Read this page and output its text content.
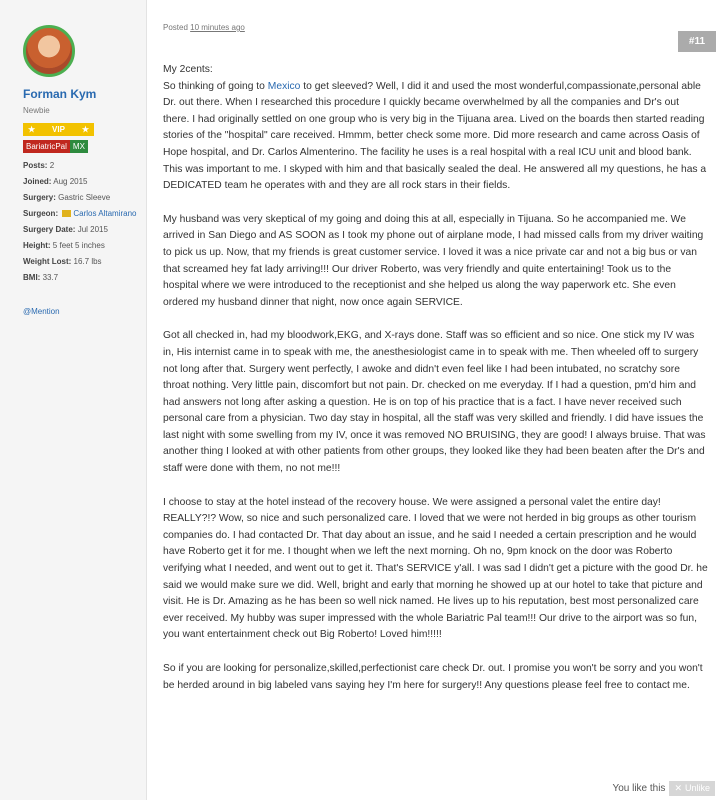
Forman Kym
Newbie
★	VIP	★
BariatricPal MX
Posts: 2
Joined: Aug 2015
Surgery: Gastric Sleeve
Surgeon: Carlos Altamirano
Surgery Date: Jul 2015
Height: 5 feet 5 inches
Weight Lost: 16.7 lbs
BMI: 33.7
@Mention
Posted 10 minutes ago
#11
My 2cents:

So thinking of going to Mexico to get sleeved? Well, I did it and used the most wonderful,compassionate,personal able Dr. out there. When I researched this procedure I quickly became overwhelmed by all the companies and Dr's out there. I had originally settled on one group who is very big in the Tijuana area. Lived on the boards then started reading stories of the "hospital" care received. Hmmm, better check some more. Did more research and came across Oasis of Hope hospital, and Dr. Carlos Almenterino. The facility he uses is a real hospital with a real ICU unit and blood bank. This was important to me. I skyped with him and that basically sealed the deal. He answered all my questions, he has a DEDICATED team he operates with and they are all rock stars in their fields.

My husband was very skeptical of my going and doing this at all, especially in Tijuana. So he accompanied me. We arrived in San Diego and AS SOON as I took my phone out of airplane mode, I had missed calls from my driver waiting to pick us up. Now, that my friends is great customer service. I loved it was a nice private car and not a big bus or van that screamed hey fat lady arriving!!! Our driver Roberto, was very friendly and quite entertaining! Took us to the hospital where we were introduced to the receptionist and she helped us along the way paperwork etc. She even ordered my husband dinner that night, now once again SERVICE.

Got all checked in, had my bloodwork,EKG, and X-rays done. Staff was so efficient and so nice. One stick my IV was in, His internist came in to speak with me, the anesthesiologist came in to speak with me. Then wheeled off to surgery not long after that. Surgery went perfectly, I awoke and didn't even feel like I had been intubated, no scratchy sore throat nothing. Very little pain, discomfort but not pain. Dr. checked on me everyday. If I had a question, pm'd him and had answers not long after asking a question. He is on top of his practice that is a fact. I have never received such personal care from a physician. Two day stay in hospital, all the staff was very skilled and friendly. I did have issues the last night with some swelling from my IV, once it was removed NO BRUISING, they are good! I always bruise. That was another thing I looked at with other patients from other groups, they looked like they had been beaten after the Dr's and staff were done with them, no not me!!!

I choose to stay at the hotel instead of the recovery house. We were assigned a personal valet the entire day! REALLY?!? Wow, so nice and such personalized care. I loved that we were not herded in big groups as other tourism companies do. I had contacted Dr. That day about an issue, and he said I needed a certain prescription and he would have Roberto get it for me. I thought when we left the next morning. Oh no, 9pm knock on the door was Roberto verifying what I needed, and went out to get it. That's SERVICE y'all. I was sad I didn't get a picture with the good Dr. he said we would make sure we did. Well, bright and early that morning he showed up at our hotel to take that picture and visit. He is Dr. Amazing as he has been so well nick named. He lives up to his reputation, best most personalized care ever received. My hubby was super impressed with the whole Bariatric Pal team!!! Our drive to the airport was so fun, you want entertainment check out Big Roberto! Loved him!!!!!

So if you are looking for personalize,skilled,perfectionist care check Dr. out. I promise you won't be sorry and you won't be herded around in big labeled vans saying hey I'm here for surgery!! Any questions please feel free to contact me.

You like this	✕ Unlike
